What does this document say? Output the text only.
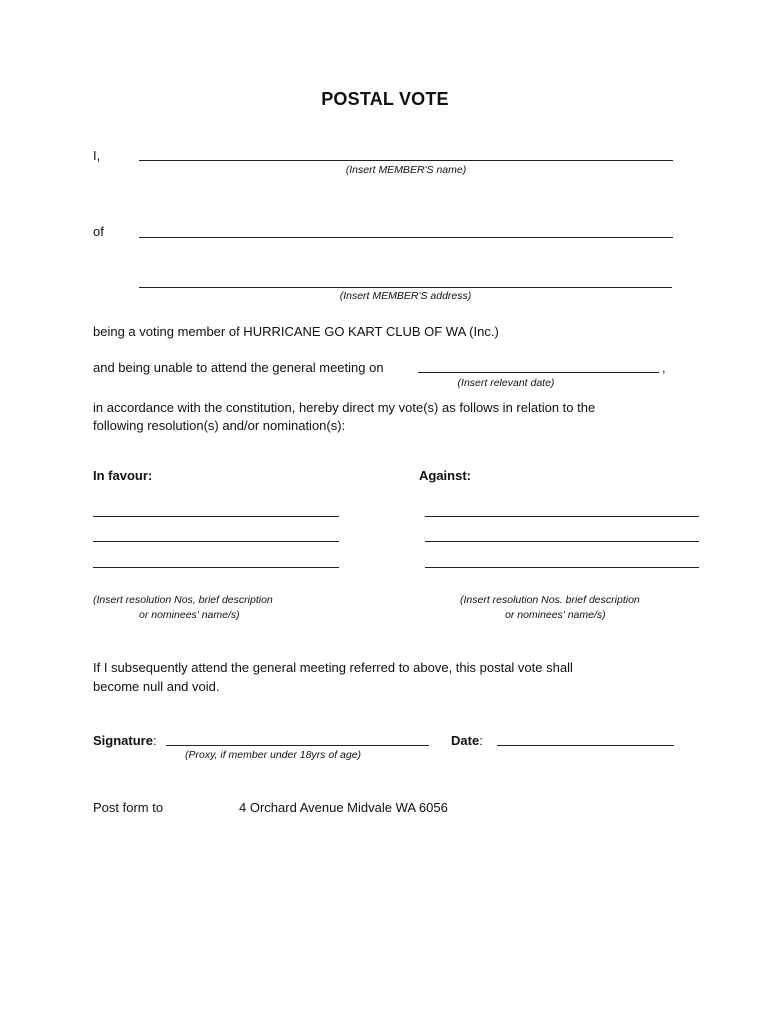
POSTAL VOTE
I,
(Insert MEMBER'S name)
of
(Insert MEMBER'S address)
being a voting member of HURRICANE GO KART CLUB OF WA (Inc.)
and being unable to attend the general meeting on	,
(Insert relevant date)
in accordance with the constitution, hereby direct my vote(s) as follows in relation to the
following resolution(s) and/or nomination(s):
In favour:	Against:
(Insert resolution Nos, brief description
or nominees' name/s)
(Insert resolution Nos. brief description
or nominees' name/s)
If I subsequently attend the general meeting referred to above, this postal vote shall
become null and void.
Signature:
(Proxy, if member under 18yrs of age)
Date:
Post form to	4 Orchard Avenue Midvale WA 6056
